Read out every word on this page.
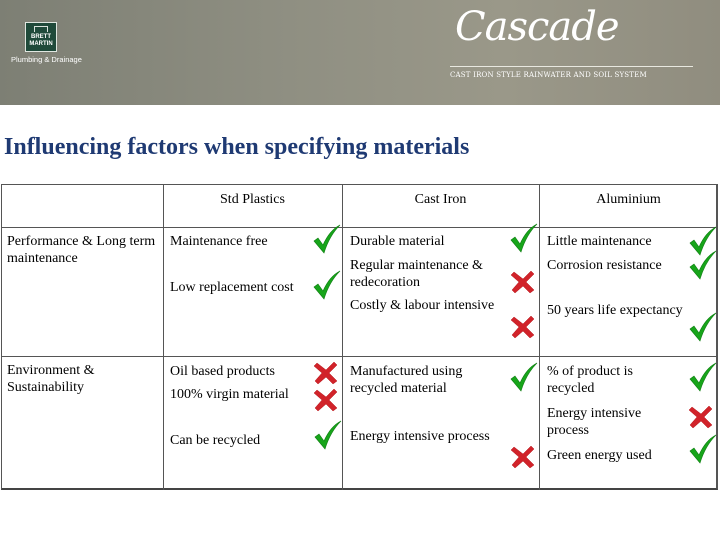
BRETT
MARTIN
Plumbing & Drainage
Cascade
CAST IRON STYLE RAINWATER AND SOIL SYSTEM
Influencing factors when specifying materials
Std Plastics	Cast Iron	Aluminium
Performance & Long term maintenance
Environment & Sustainability
Maintenance free
Low replacement cost
Durable material
Regular maintenance & redecoration
Costly & labour intensive
Little maintenance
Corrosion resistance
50 years life expectancy
Oil based products
100% virgin material
Can be recycled
Manufactured using recycled material
Energy intensive process
% of product is recycled
Energy intensive process
Green energy used
